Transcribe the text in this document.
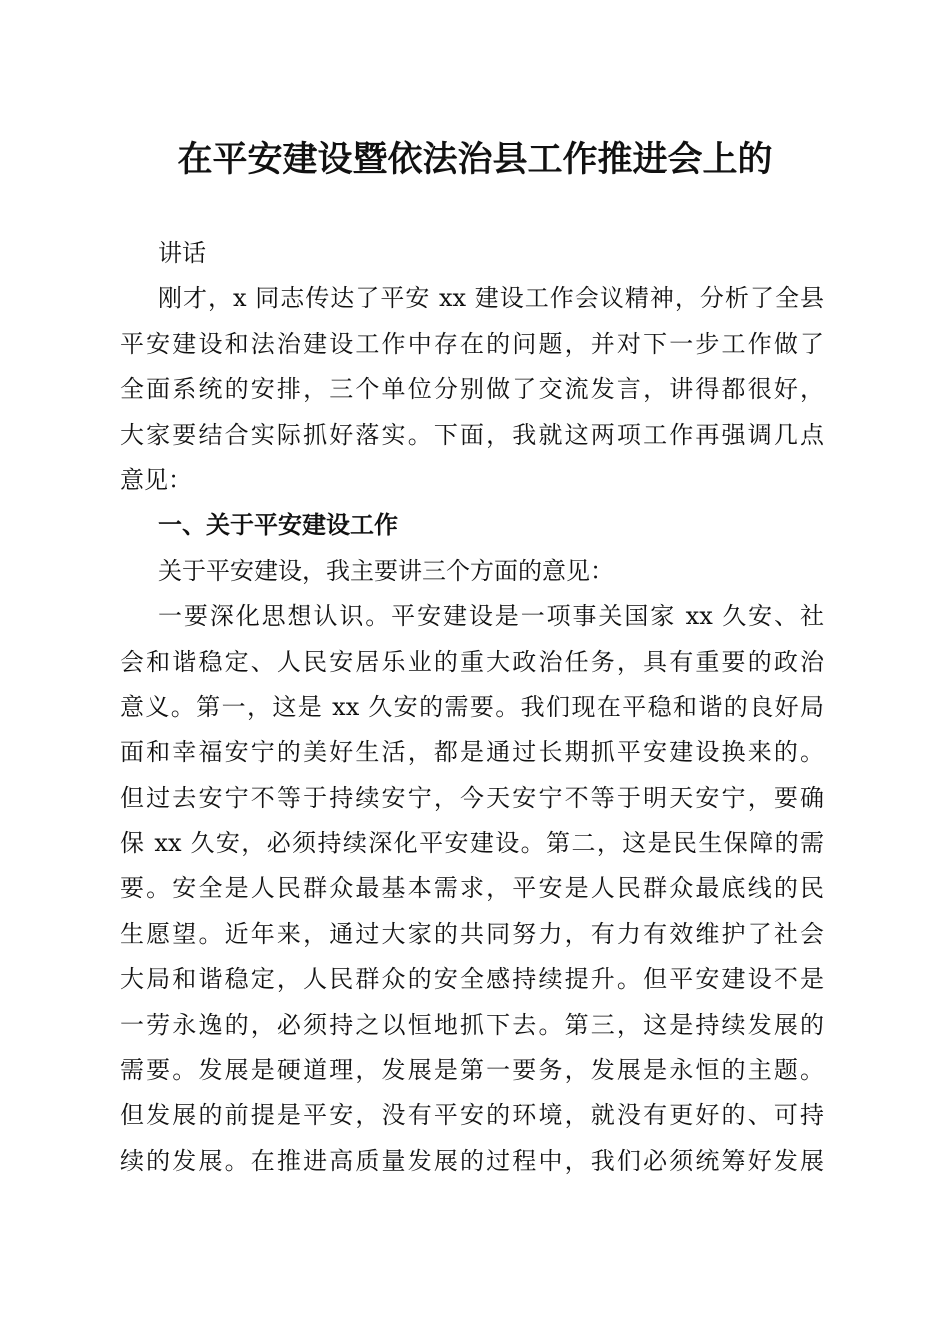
在平安建设暨依法治县工作推进会上的
讲话
刚才，x 同志传达了平安 xx 建设工作会议精神，分析了全县
平安建设和法治建设工作中存在的问题，并对下一步工作做了
全面系统的安排，三个单位分别做了交流发言，讲得都很好，
大家要结合实际抓好落实。下面，我就这两项工作再强调几点
意见：
一、关于平安建设工作
关于平安建设，我主要讲三个方面的意见：
一要深化思想认识。平安建设是一项事关国家 xx 久安、社
会和谐稳定、人民安居乐业的重大政治任务，具有重要的政治
意义。第一，这是 xx 久安的需要。我们现在平稳和谐的良好局
面和幸福安宁的美好生活，都是通过长期抓平安建设换来的。
但过去安宁不等于持续安宁，今天安宁不等于明天安宁，要确
保 xx 久安，必须持续深化平安建设。第二，这是民生保障的需
要。安全是人民群众最基本需求，平安是人民群众最底线的民
生愿望。近年来，通过大家的共同努力，有力有效维护了社会
大局和谐稳定，人民群众的安全感持续提升。但平安建设不是
一劳永逸的，必须持之以恒地抓下去。第三，这是持续发展的
需要。发展是硬道理，发展是第一要务，发展是永恒的主题。
但发展的前提是平安，没有平安的环境，就没有更好的、可持
续的发展。在推进高质量发展的过程中，我们必须统筹好发展
